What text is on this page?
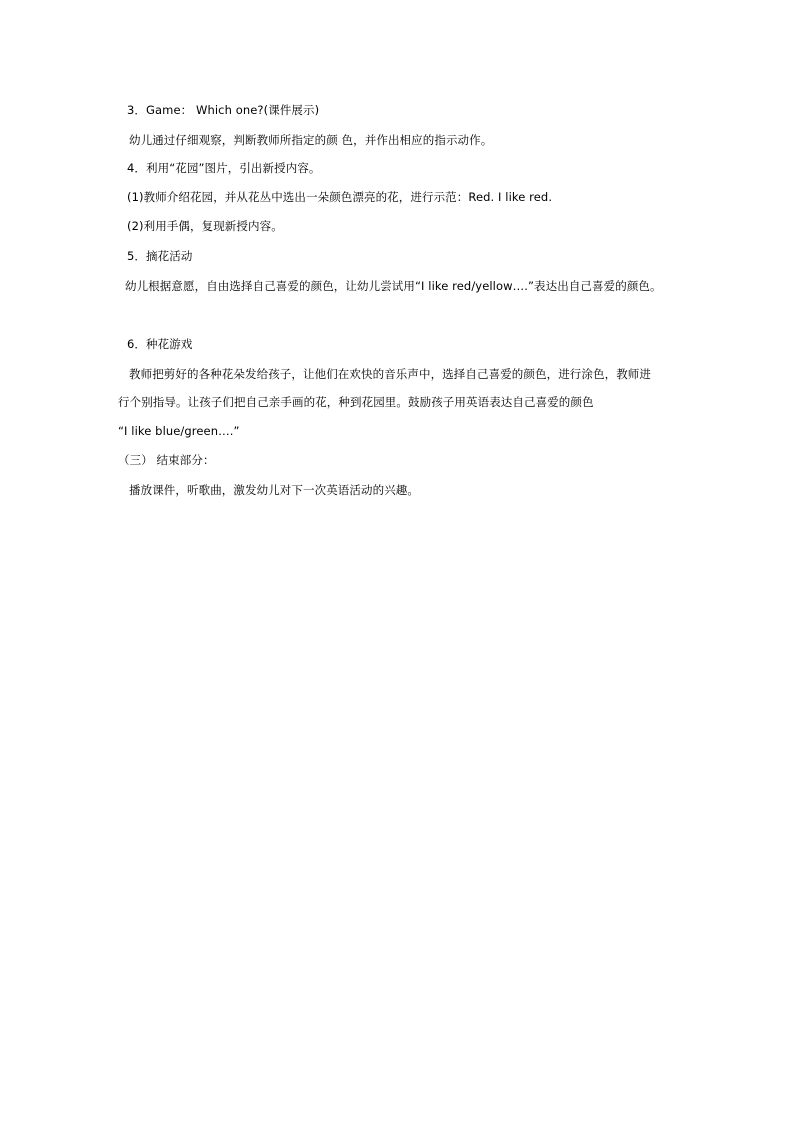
3．Game： Which one?(课件展示)
幼儿通过仔细观察，判断教师所指定的颜 色，并作出相应的指示动作。
4．利用“花园”图片，引出新授内容。
(1)教师介绍花园，并从花丛中选出一朵颜色漂亮的花，进行示范：Red. I like red.
(2)利用手偶，复现新授内容。
5．摘花活动
幼儿根据意愿，自由选择自己喜爱的颜色，让幼儿尝试用“I like red/yellow….”表达出自己喜爱的颜色。
6．种花游戏
教师把剪好的各种花朵发给孩子，让他们在欢快的音乐声中，选择自己喜爱的颜色，进行涂色，教师进
行个别指导。让孩子们把自己亲手画的花，种到花园里。鼓励孩子用英语表达自己喜爱的颜色
“I like blue/green….”
（三） 结束部分：
播放课件，听歌曲，激发幼儿对下一次英语活动的兴趣。
